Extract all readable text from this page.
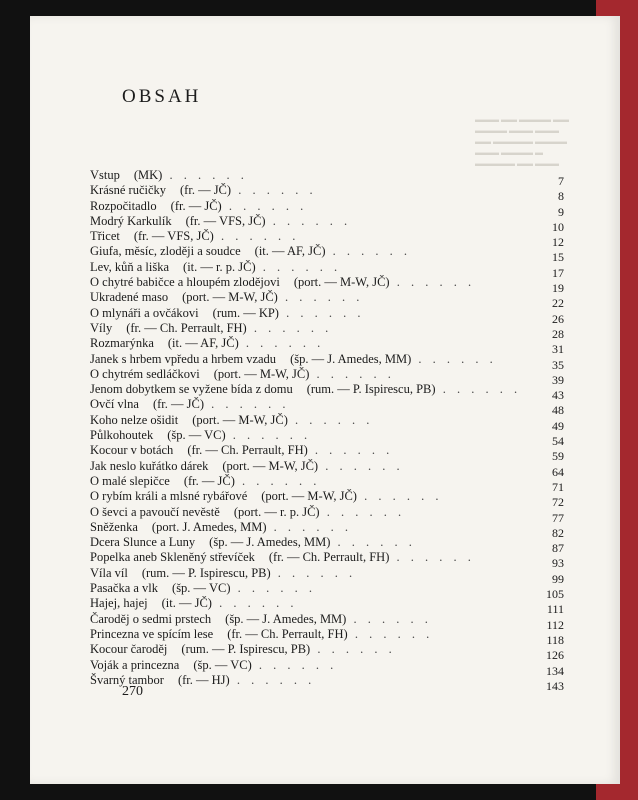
▬▬▬ ▬▬ ▬▬▬▬ ▬▬
▬▬▬▬ ▬▬▬ ▬▬▬
▬▬ ▬▬▬▬▬ ▬▬▬▬
▬▬▬ ▬▬▬▬ ▬
▬▬▬▬▬ ▬▬ ▬▬▬
OBSAH
Vstup (MK) . . . . . .	7
Krásné ručičky (fr. — JČ) . . . . . .	8
Rozpočitadlo (fr. — JČ) . . . . . .	9
Modrý Karkulík (fr. — VFS, JČ) . . . . . .	10
Třicet (fr. — VFS, JČ) . . . . . .	12
Giufa, měsíc, zloději a soudce (it. — AF, JČ) . . . . . .	15
Lev, kůň a liška (it. — r. p. JČ) . . . . . .	17
O chytré babičce a hloupém zlodějovi (port. — M-W, JČ) . . . . . .	19
Ukradené maso (port. — M-W, JČ) . . . . . .	22
O mlynáři a ovčákovi (rum. — KP) . . . . . .	26
Víly (fr. — Ch. Perrault, FH) . . . . . .	28
Rozmarýnka (it. — AF, JČ) . . . . . .	31
Janek s hrbem vpředu a hrbem vzadu (šp. — J. Amedes, MM) . . . . . .	35
O chytrém sedláčkovi (port. — M-W, JČ) . . . . . .	39
Jenom dobytkem se vyžene bída z domu (rum. — P. Ispirescu, PB) . . . . . .	43
Ovčí vlna (fr. — JČ) . . . . . .	48
Koho nelze ošidit (port. — M-W, JČ) . . . . . .	49
Půlkohoutek (šp. — VC) . . . . . .	54
Kocour v botách (fr. — Ch. Perrault, FH) . . . . . .	59
Jak neslo kuřátko dárek (port. — M-W, JČ) . . . . . .	64
O malé slepičce (fr. — JČ) . . . . . .	71
O rybím králi a mlsné rybářové (port. — M-W, JČ) . . . . . .	72
O ševci a pavoučí nevěstě (port. — r. p. JČ) . . . . . .	77
Sněženka (port. J. Amedes, MM) . . . . . .	82
Dcera Slunce a Luny (šp. — J. Amedes, MM) . . . . . .	87
Popelka aneb Skleněný střevíček (fr. — Ch. Perrault, FH) . . . . . .	93
Víla víl (rum. — P. Ispirescu, PB) . . . . . .	99
Pasačka a vlk (šp. — VC) . . . . . .	105
Hajej, hajej (it. — JČ) . . . . . .	111
Čaroděj o sedmi prstech (šp. — J. Amedes, MM) . . . . . .	112
Princezna ve spícím lese (fr. — Ch. Perrault, FH) . . . . . .	118
Kocour čaroděj (rum. — P. Ispirescu, PB) . . . . . .	126
Voják a princezna (šp. — VC) . . . . . .	134
Švarný tambor (fr. — HJ) . . . . . .	143
270
